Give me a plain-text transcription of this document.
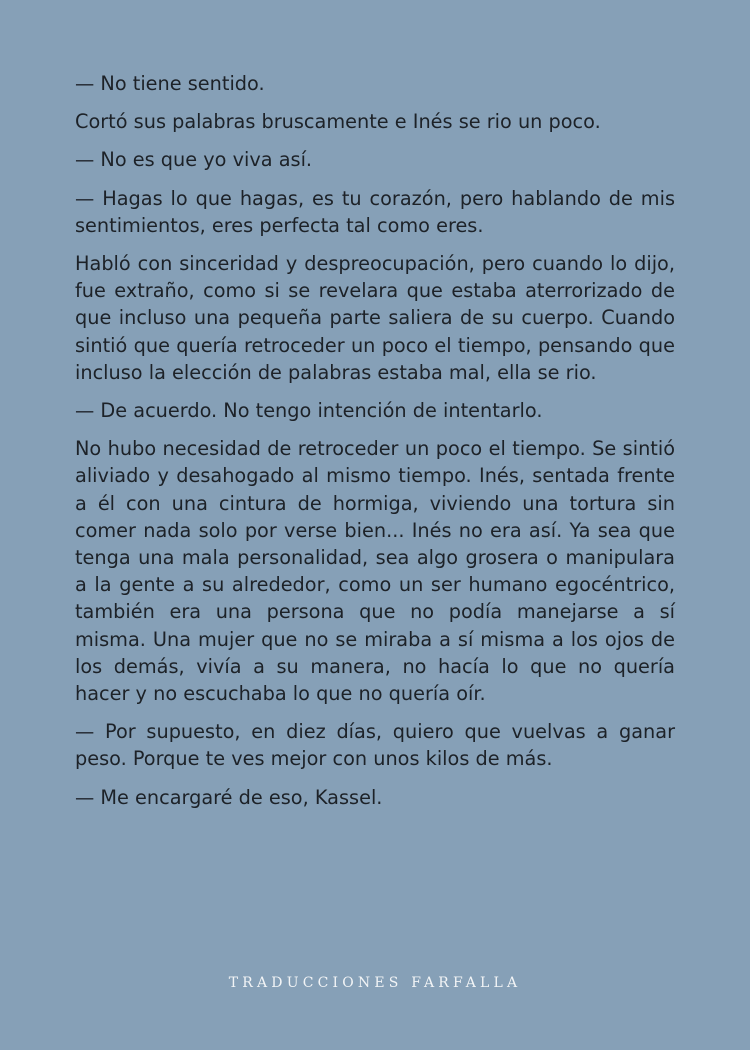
— No tiene sentido.

Cortó sus palabras bruscamente e Inés se rio un poco.

— No es que yo viva así.

— Hagas lo que hagas, es tu corazón, pero hablando de mis sentimientos, eres perfecta tal como eres.

Habló con sinceridad y despreocupación, pero cuando lo dijo, fue extraño, como si se revelara que estaba aterrorizado de que incluso una pequeña parte saliera de su cuerpo. Cuando sintió que quería retroceder un poco el tiempo, pensando que incluso la elección de palabras estaba mal, ella se rio.

— De acuerdo. No tengo intención de intentarlo.

No hubo necesidad de retroceder un poco el tiempo. Se sintió aliviado y desahogado al mismo tiempo. Inés, sentada frente a él con una cintura de hormiga, viviendo una tortura sin comer nada solo por verse bien... Inés no era así. Ya sea que tenga una mala personalidad, sea algo grosera o manipulara a la gente a su alrededor, como un ser humano egocéntrico, también era una persona que no podía manejarse a sí misma. Una mujer que no se miraba a sí misma a los ojos de los demás, vivía a su manera, no hacía lo que no quería hacer y no escuchaba lo que no quería oír.

— Por supuesto, en diez días, quiero que vuelvas a ganar peso. Porque te ves mejor con unos kilos de más.

— Me encargaré de eso, Kassel.

TRADUCCIONES FARFALLA
